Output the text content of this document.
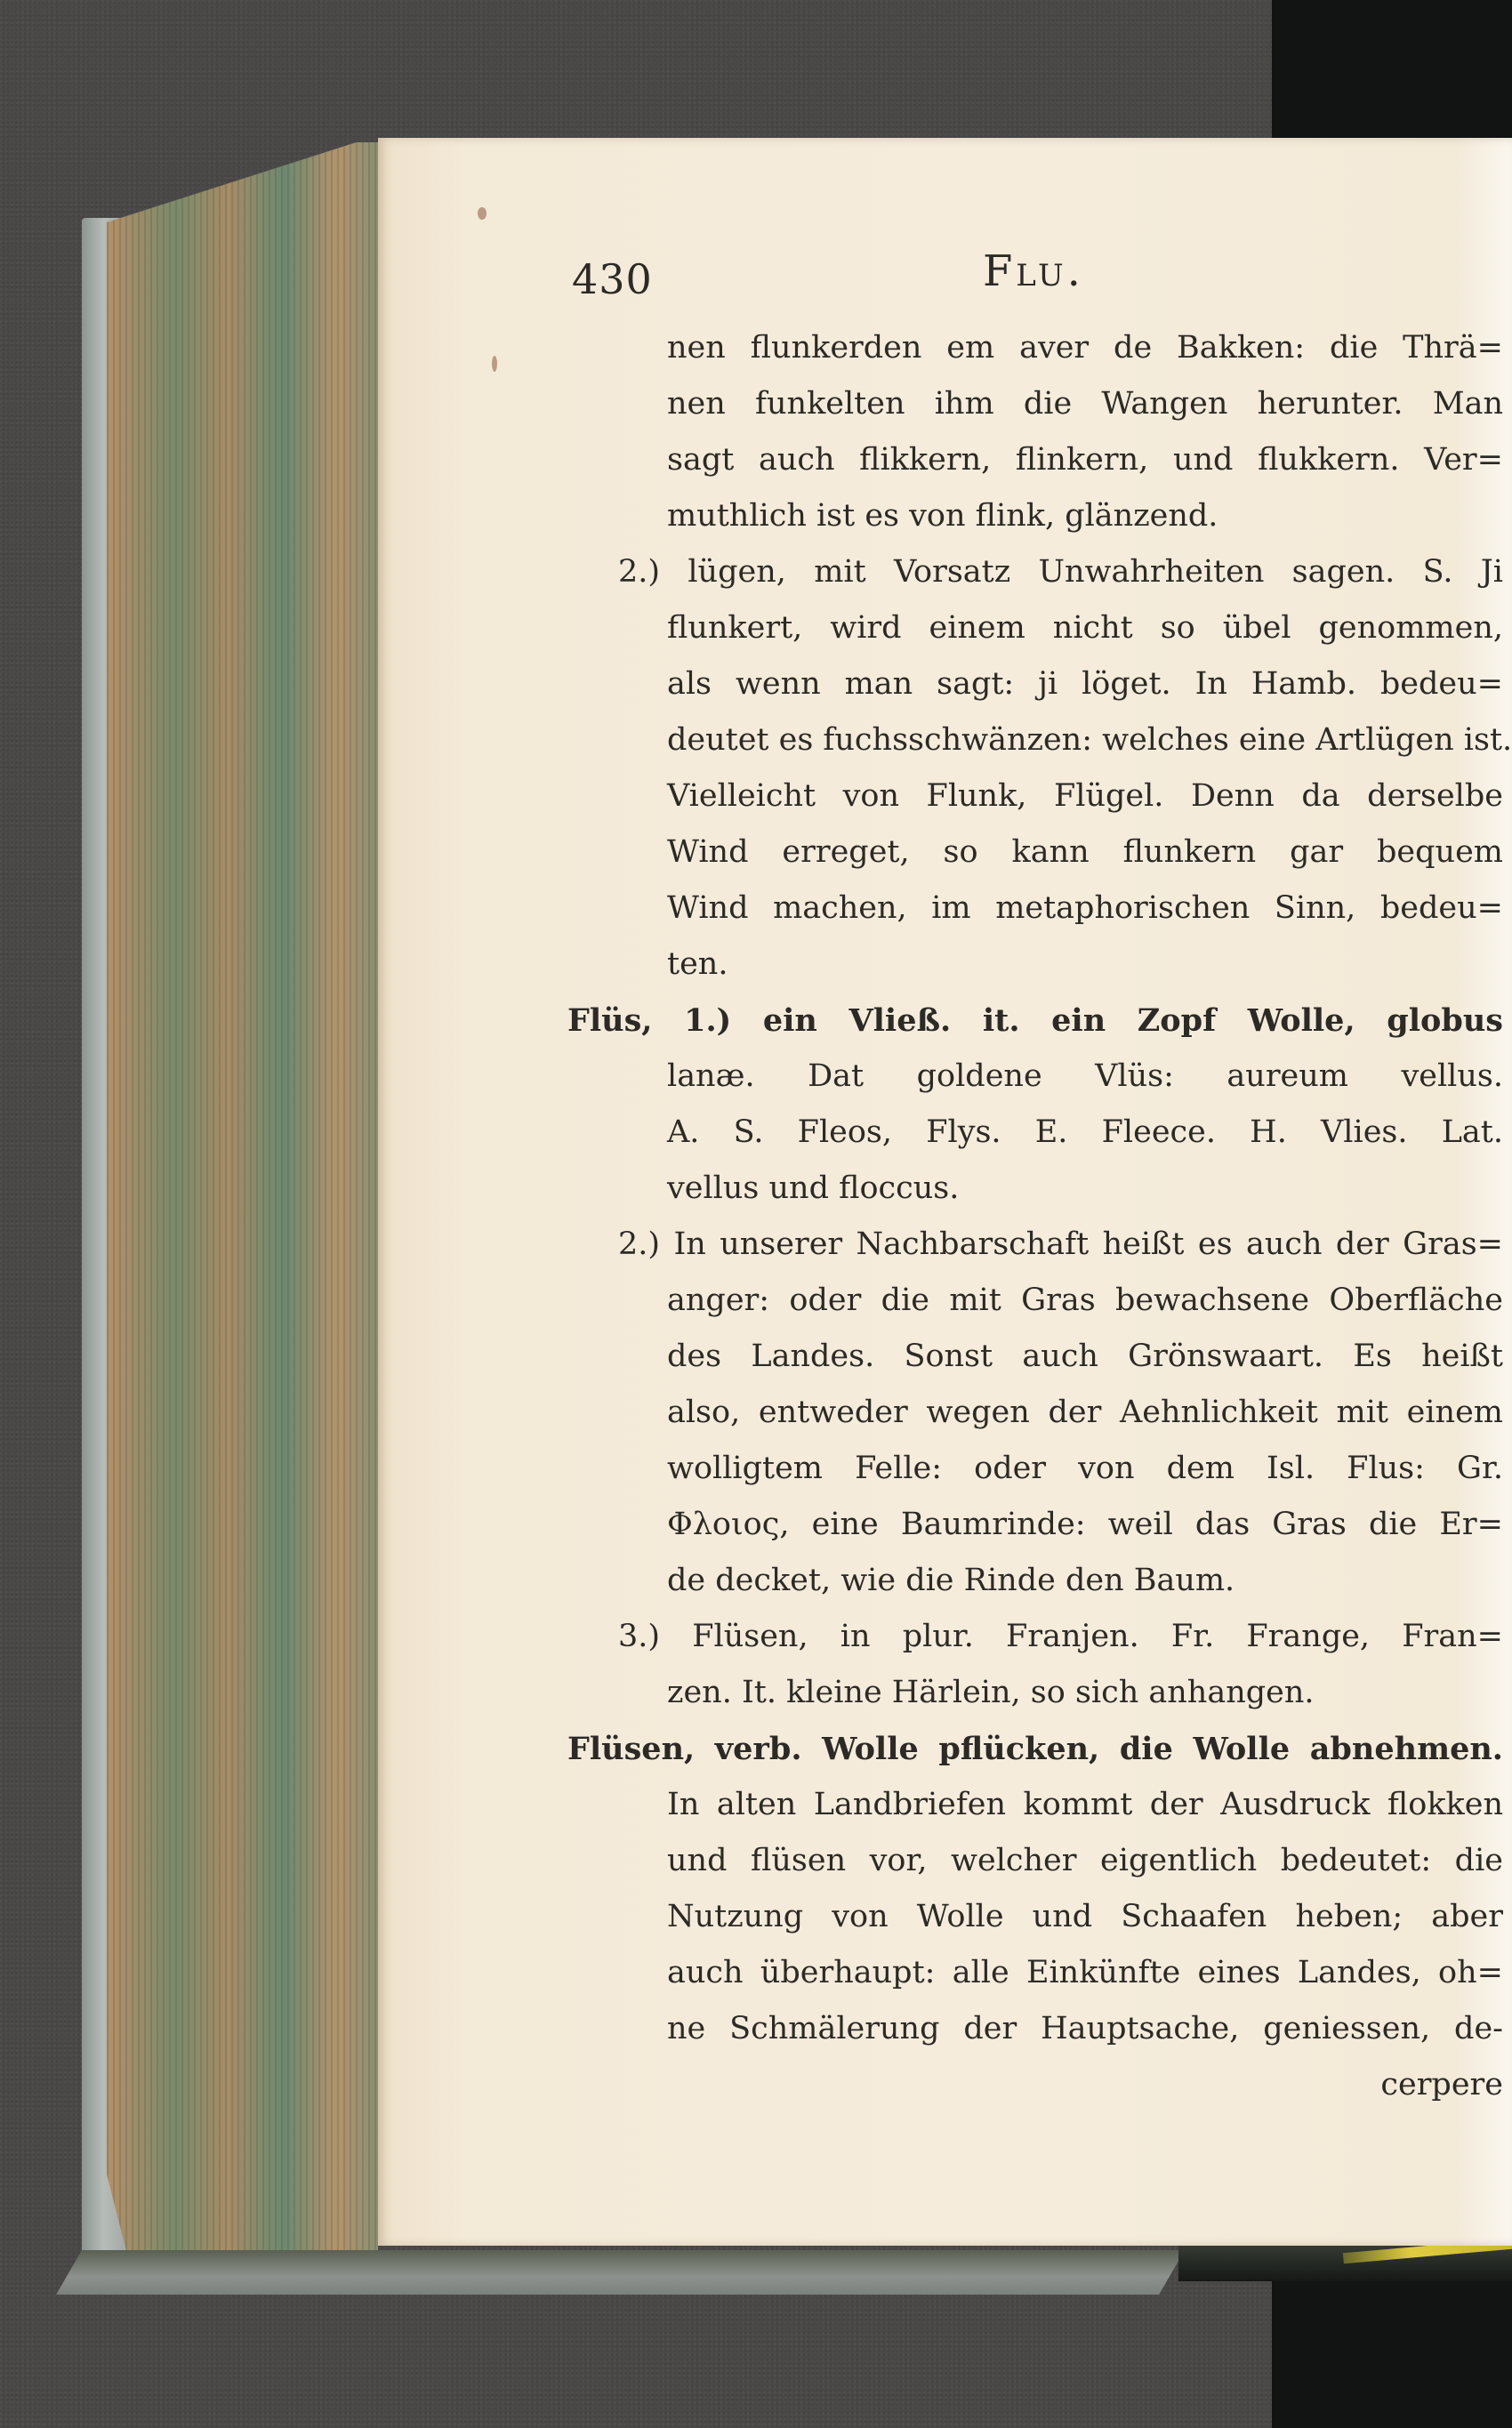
430	Flu.
nen flunkerden em aver de Bakken: die Thrä=
nen funkelten ihm die Wangen herunter. Man
sagt auch flikkern, flinkern, und flukkern. Ver=
muthlich ist es von flink, glänzend.
2.) lügen, mit Vorsatz Unwahrheiten sagen. S. Ji
flunkert, wird einem nicht so übel genommen,
als wenn man sagt: ji löget. In Hamb. bedeu=
deutet es fuchsschwänzen: welches eine Artlügen ist.
Vielleicht von Flunk, Flügel. Denn da derselbe
Wind erreget, so kann flunkern gar bequem
Wind machen, im metaphorischen Sinn, bedeu=
ten.
Flüs, 1.) ein Vließ. it. ein Zopf Wolle, globus
lanæ. Dat goldene Vlüs: aureum vellus.
A. S. Fleos, Flys. E. Fleece. H. Vlies. Lat.
vellus und floccus.
2.) In unserer Nachbarschaft heißt es auch der Gras=
anger: oder die mit Gras bewachsene Oberfläche
des Landes. Sonst auch Grönswaart. Es heißt
also, entweder wegen der Aehnlichkeit mit einem
wolligtem Felle: oder von dem Isl. Flus: Gr.
Φλοιος, eine Baumrinde: weil das Gras die Er=
de decket, wie die Rinde den Baum.
3.) Flüsen, in plur. Franjen. Fr. Frange, Fran=
zen. It. kleine Härlein, so sich anhangen.
Flüsen, verb. Wolle pflücken, die Wolle abnehmen.
In alten Landbriefen kommt der Ausdruck flokken
und flüsen vor, welcher eigentlich bedeutet: die
Nutzung von Wolle und Schaafen heben; aber
auch überhaupt: alle Einkünfte eines Landes, oh=
ne Schmälerung der Hauptsache, geniessen, de-
cerpere
